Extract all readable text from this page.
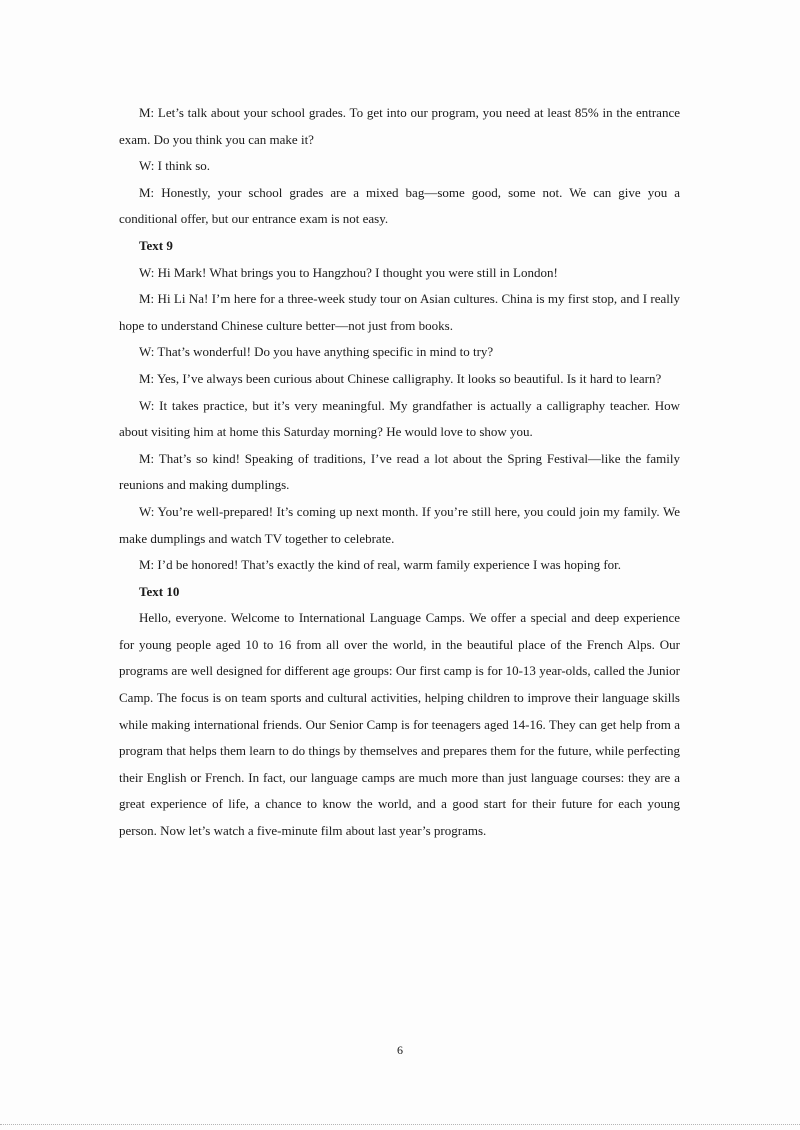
M: Let’s talk about your school grades. To get into our program, you need at least 85% in the entrance exam. Do you think you can make it?

W: I think so.

M: Honestly, your school grades are a mixed bag—some good, some not. We can give you a conditional offer, but our entrance exam is not easy.

Text 9

W: Hi Mark! What brings you to Hangzhou? I thought you were still in London!

M: Hi Li Na! I’m here for a three-week study tour on Asian cultures. China is my first stop, and I really hope to understand Chinese culture better—not just from books.

W: That’s wonderful! Do you have anything specific in mind to try?

M: Yes, I’ve always been curious about Chinese calligraphy. It looks so beautiful. Is it hard to learn?

W: It takes practice, but it’s very meaningful. My grandfather is actually a calligraphy teacher. How about visiting him at home this Saturday morning? He would love to show you.

M: That’s so kind! Speaking of traditions, I’ve read a lot about the Spring Festival—like the family reunions and making dumplings.

W: You’re well-prepared! It’s coming up next month. If you’re still here, you could join my family. We make dumplings and watch TV together to celebrate.

M: I’d be honored! That’s exactly the kind of real, warm family experience I was hoping for.

Text 10

Hello, everyone. Welcome to International Language Camps. We offer a special and deep experience for young people aged 10 to 16 from all over the world, in the beautiful place of the French Alps. Our programs are well designed for different age groups: Our first camp is for 10-13 year-olds, called the Junior Camp. The focus is on team sports and cultural activities, helping children to improve their language skills while making international friends. Our Senior Camp is for teenagers aged 14-16. They can get help from a program that helps them learn to do things by themselves and prepares them for the future, while perfecting their English or French. In fact, our language camps are much more than just language courses: they are a great experience of life, a chance to know the world, and a good start for their future for each young person. Now let’s watch a five-minute film about last year’s programs.

6
